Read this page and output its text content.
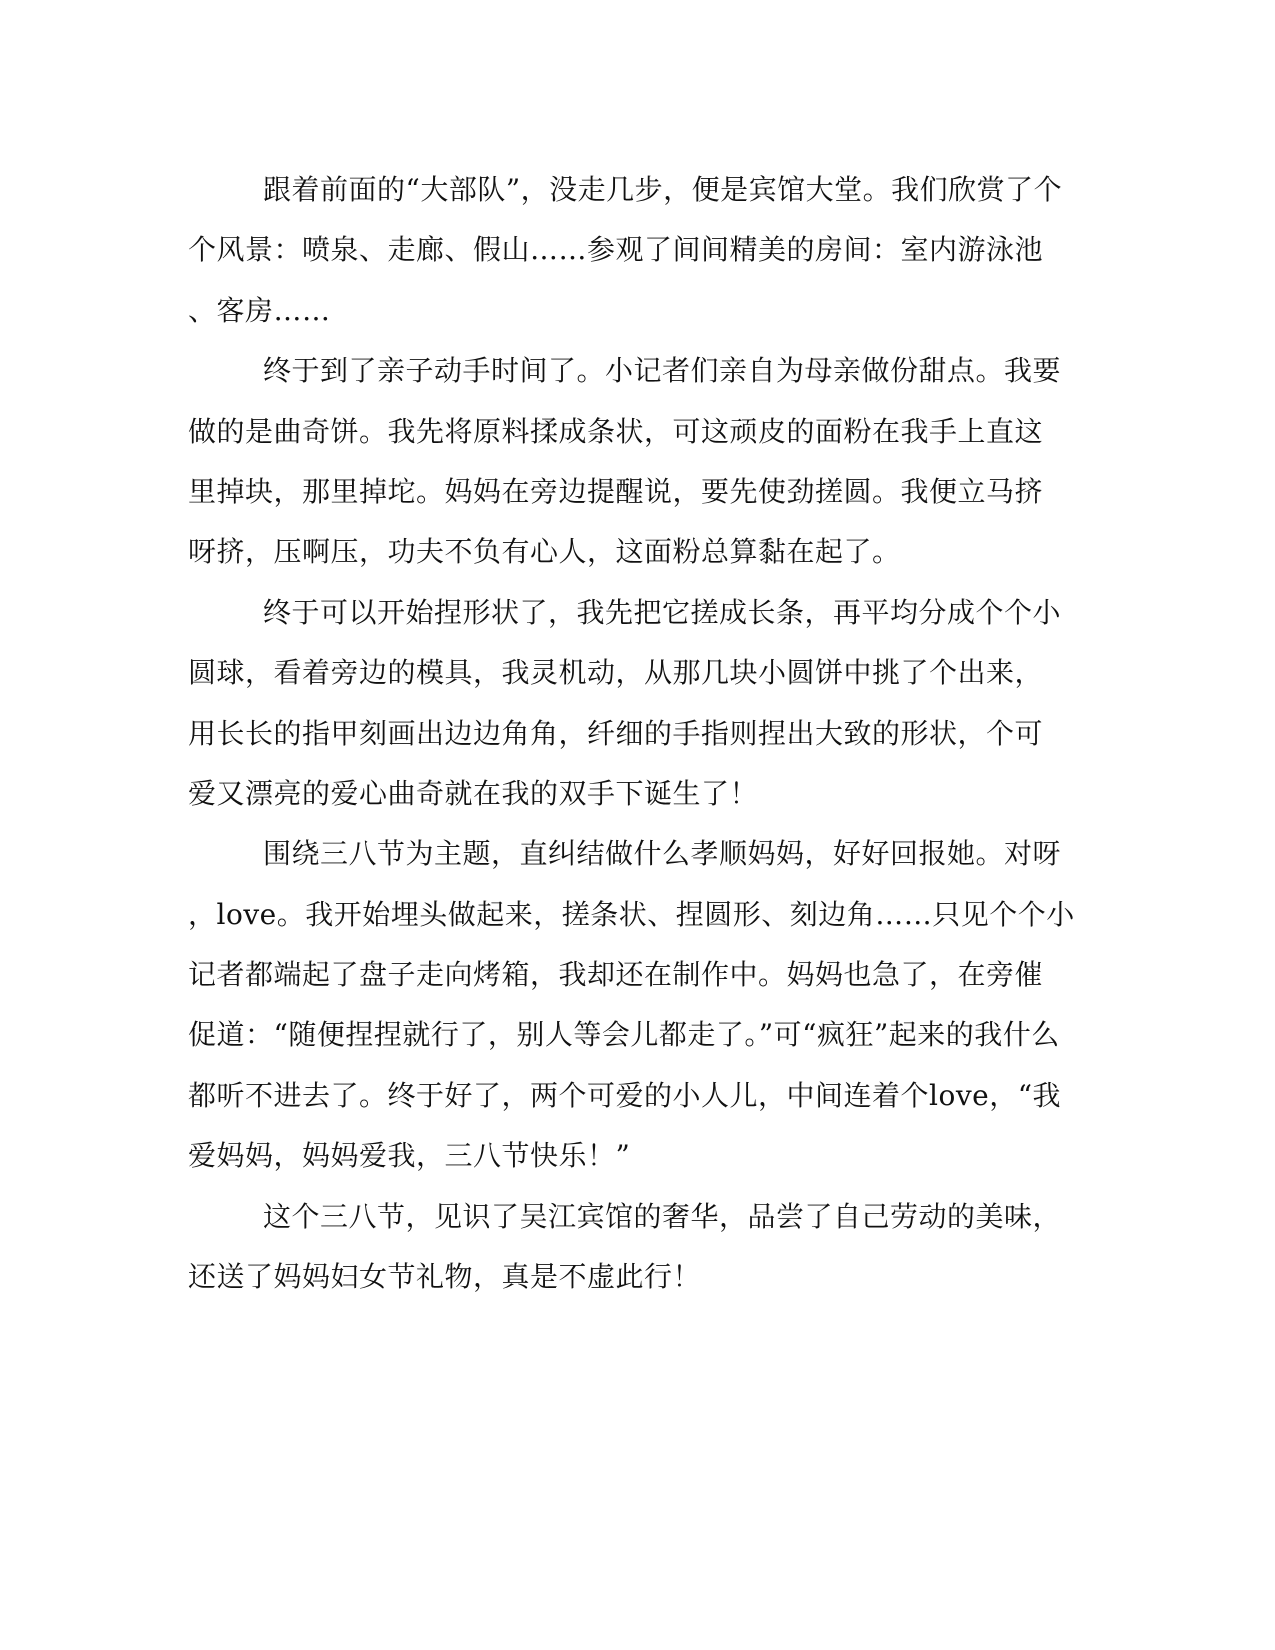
跟着前面的“大部队”，没走几步，便是宾馆大堂。我们欣赏了个
个风景：喷泉、走廊、假山……参观了间间精美的房间：室内游泳池
、客房……

终于到了亲子动手时间了。小记者们亲自为母亲做份甜点。我要
做的是曲奇饼。我先将原料揉成条状，可这顽皮的面粉在我手上直这
里掉块，那里掉坨。妈妈在旁边提醒说，要先使劲搓圆。我便立马挤
呀挤，压啊压，功夫不负有心人，这面粉总算黏在起了。

终于可以开始捏形状了，我先把它搓成长条，再平均分成个个小
圆球，看着旁边的模具，我灵机动，从那几块小圆饼中挑了个出来，
用长长的指甲刻画出边边角角，纤细的手指则捏出大致的形状，个可
爱又漂亮的爱心曲奇就在我的双手下诞生了！

围绕三八节为主题，直纠结做什么孝顺妈妈，好好回报她。对呀
，love。我开始埋头做起来，搓条状、捏圆形、刻边角……只见个个小
记者都端起了盘子走向烤箱，我却还在制作中。妈妈也急了，在旁催
促道：“随便捏捏就行了，别人等会儿都走了。”可“疯狂”起来的我什么
都听不进去了。终于好了，两个可爱的小人儿，中间连着个love，“我
爱妈妈，妈妈爱我，三八节快乐！”

这个三八节，见识了吴江宾馆的奢华，品尝了自己劳动的美味，
还送了妈妈妇女节礼物，真是不虚此行！
